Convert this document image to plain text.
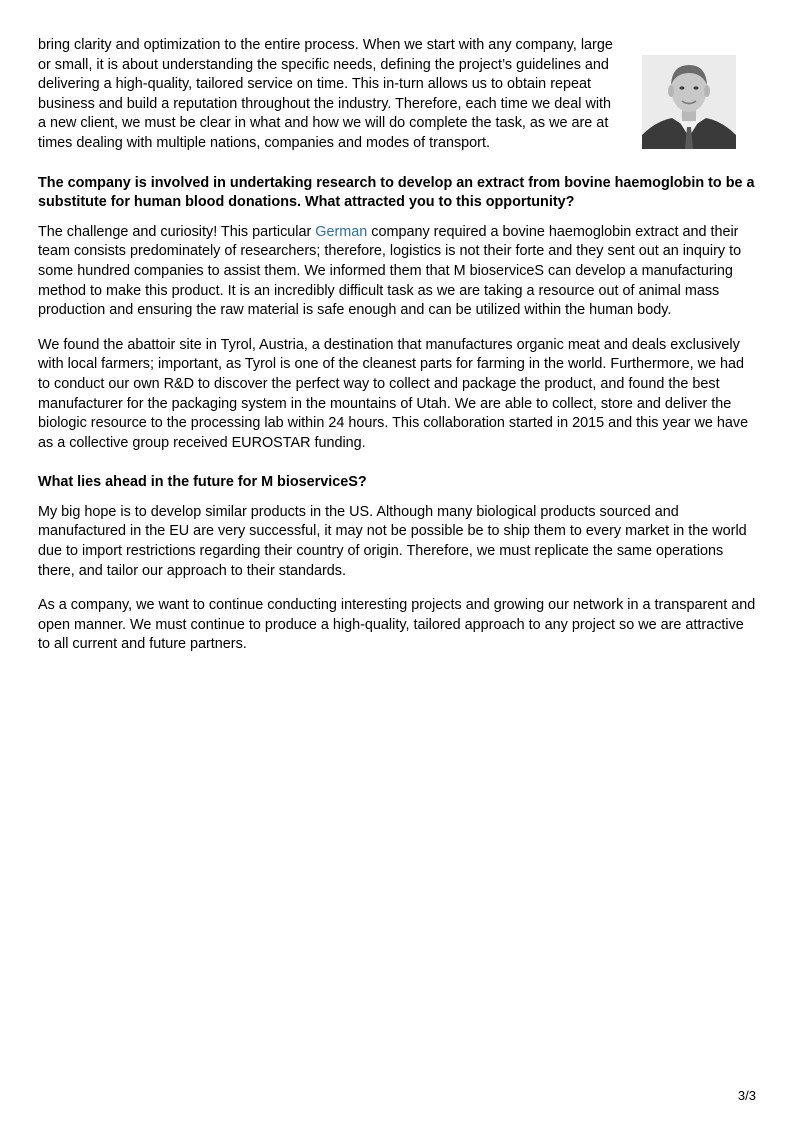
bring clarity and optimization to the entire process. When we start with any company, large or small, it is about understanding the specific needs, defining the project’s guidelines and delivering a high-quality, tailored service on time. This in-turn allows us to obtain repeat business and build a reputation throughout the industry. Therefore, each time we deal with a new client, we must be clear in what and how we will do complete the task, as we are at times dealing with multiple nations, companies and modes of transport.

The company is involved in undertaking research to develop an extract from bovine haemoglobin to be a substitute for human blood donations. What attracted you to this opportunity?

The challenge and curiosity! This particular German company required a bovine haemoglobin extract and their team consists predominately of researchers; therefore, logistics is not their forte and they sent out an inquiry to some hundred companies to assist them. We informed them that M bioserviceS can develop a manufacturing method to make this product. It is an incredibly difficult task as we are taking a resource out of animal mass production and ensuring the raw material is safe enough and can be utilized within the human body.

We found the abattoir site in Tyrol, Austria, a destination that manufactures organic meat and deals exclusively with local farmers; important, as Tyrol is one of the cleanest parts for farming in the world. Furthermore, we had to conduct our own R&D to discover the perfect way to collect and package the product, and found the best manufacturer for the packaging system in the mountains of Utah. We are able to collect, store and deliver the biologic resource to the processing lab within 24 hours. This collaboration started in 2015 and this year we have as a collective group received EUROSTAR funding.

What lies ahead in the future for M bioserviceS?

My big hope is to develop similar products in the US. Although many biological products sourced and manufactured in the EU are very successful, it may not be possible be to ship them to every market in the world due to import restrictions regarding their country of origin. Therefore, we must replicate the same operations there, and tailor our approach to their standards.

As a company, we want to continue conducting interesting projects and growing our network in a transparent and open manner. We must continue to produce a high-quality, tailored approach to any project so we are attractive to all current and future partners.

3/3
